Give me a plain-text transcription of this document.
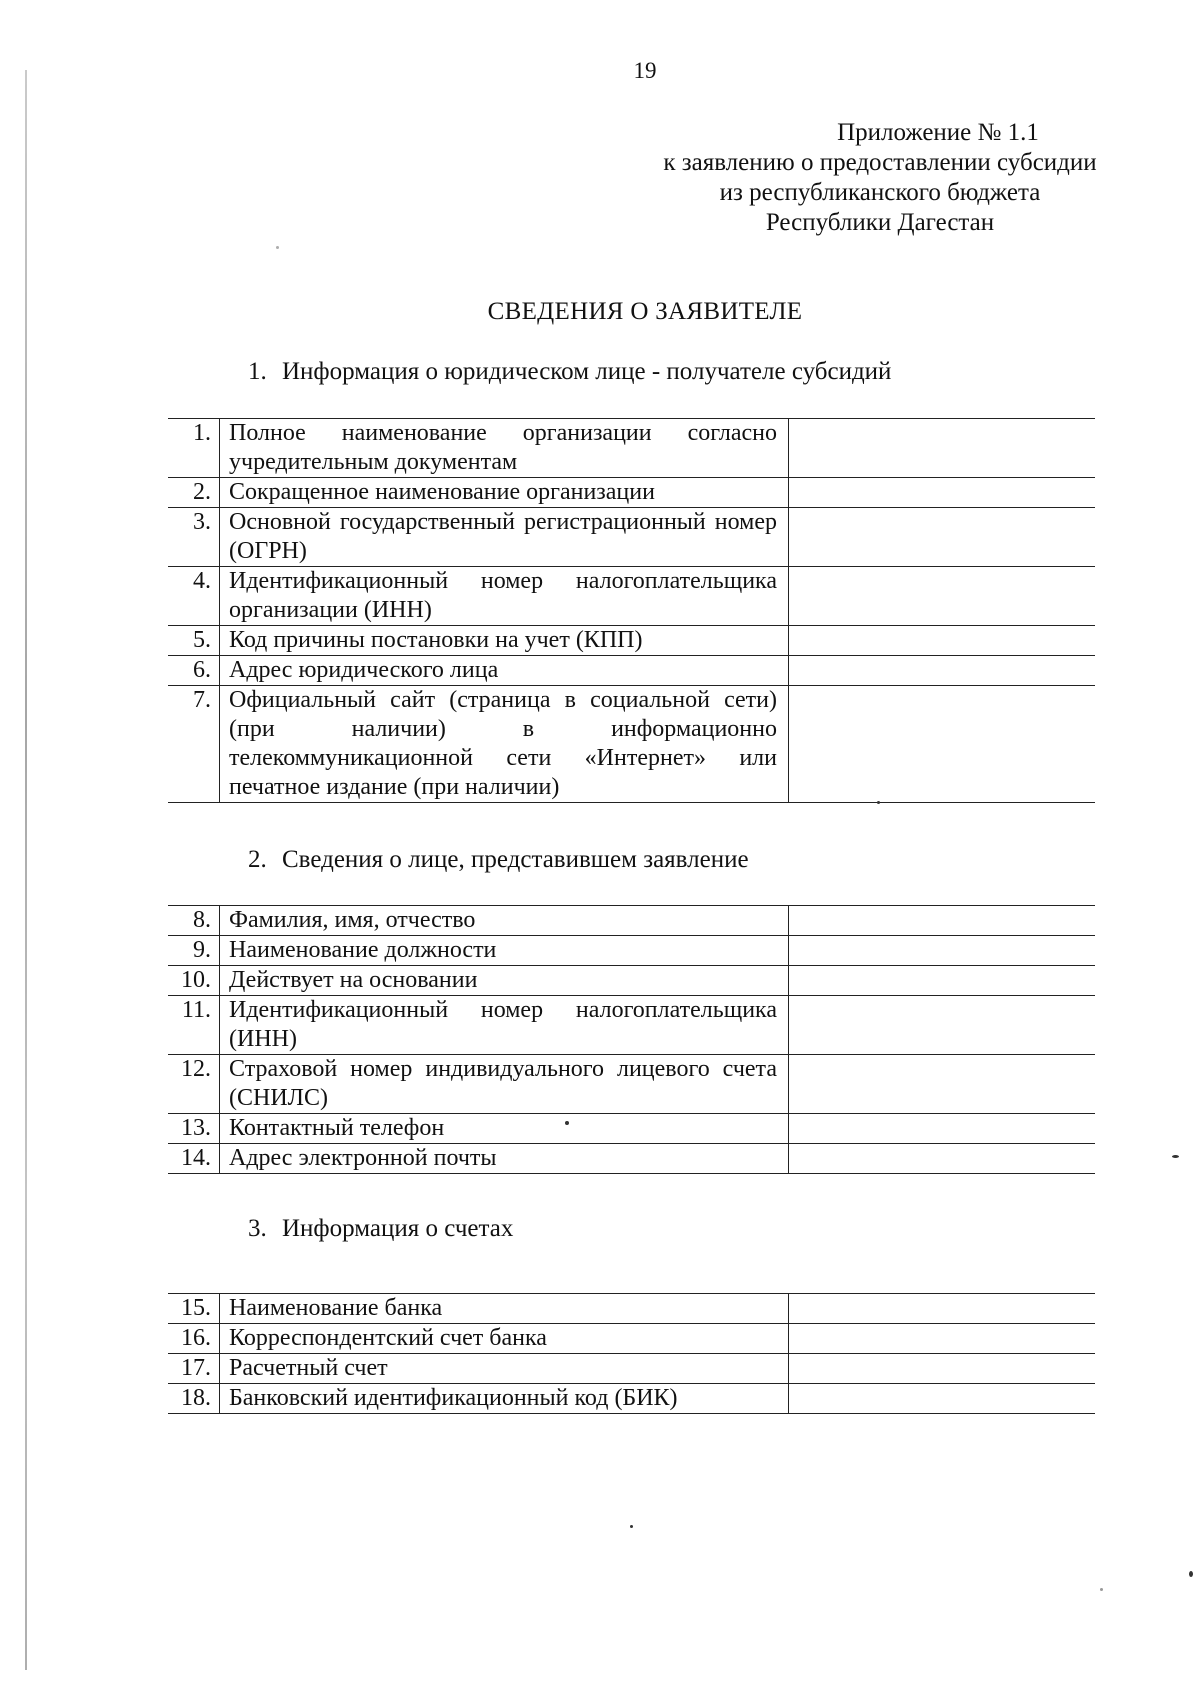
19
Приложение № 1.1
к заявлению о предоставлении субсидии
из республиканского бюджета
Республики Дагестан
СВЕДЕНИЯ О ЗАЯВИТЕЛЕ
1. Информация о юридическом лице - получателе субсидий
1.	Полное наименование организации согласно учредительным документам	
2.	Сокращенное наименование организации	
3.	Основной государственный регистрационный номер (ОГРН)	
4.	Идентификационный номер налогоплательщика организации (ИНН)	
5.	Код причины постановки на учет (КПП)	
6.	Адрес юридического лица	
7.	Официальный сайт (страница в социальной сети) (при наличии) в информационно телекоммуникационной сети «Интернет» или печатное издание (при наличии)	
2. Сведения о лице, представившем заявление
8.	Фамилия, имя, отчество	
9.	Наименование должности	
10.	Действует на основании	
11.	Идентификационный номер налогоплательщика (ИНН)	
12.	Страховой номер индивидуального лицевого счета (СНИЛС)	
13.	Контактный телефон	
14.	Адрес электронной почты	
3. Информация о счетах
15.	Наименование банка	
16.	Корреспондентский счет банка	
17.	Расчетный счет	
18.	Банковский идентификационный код (БИК)	
